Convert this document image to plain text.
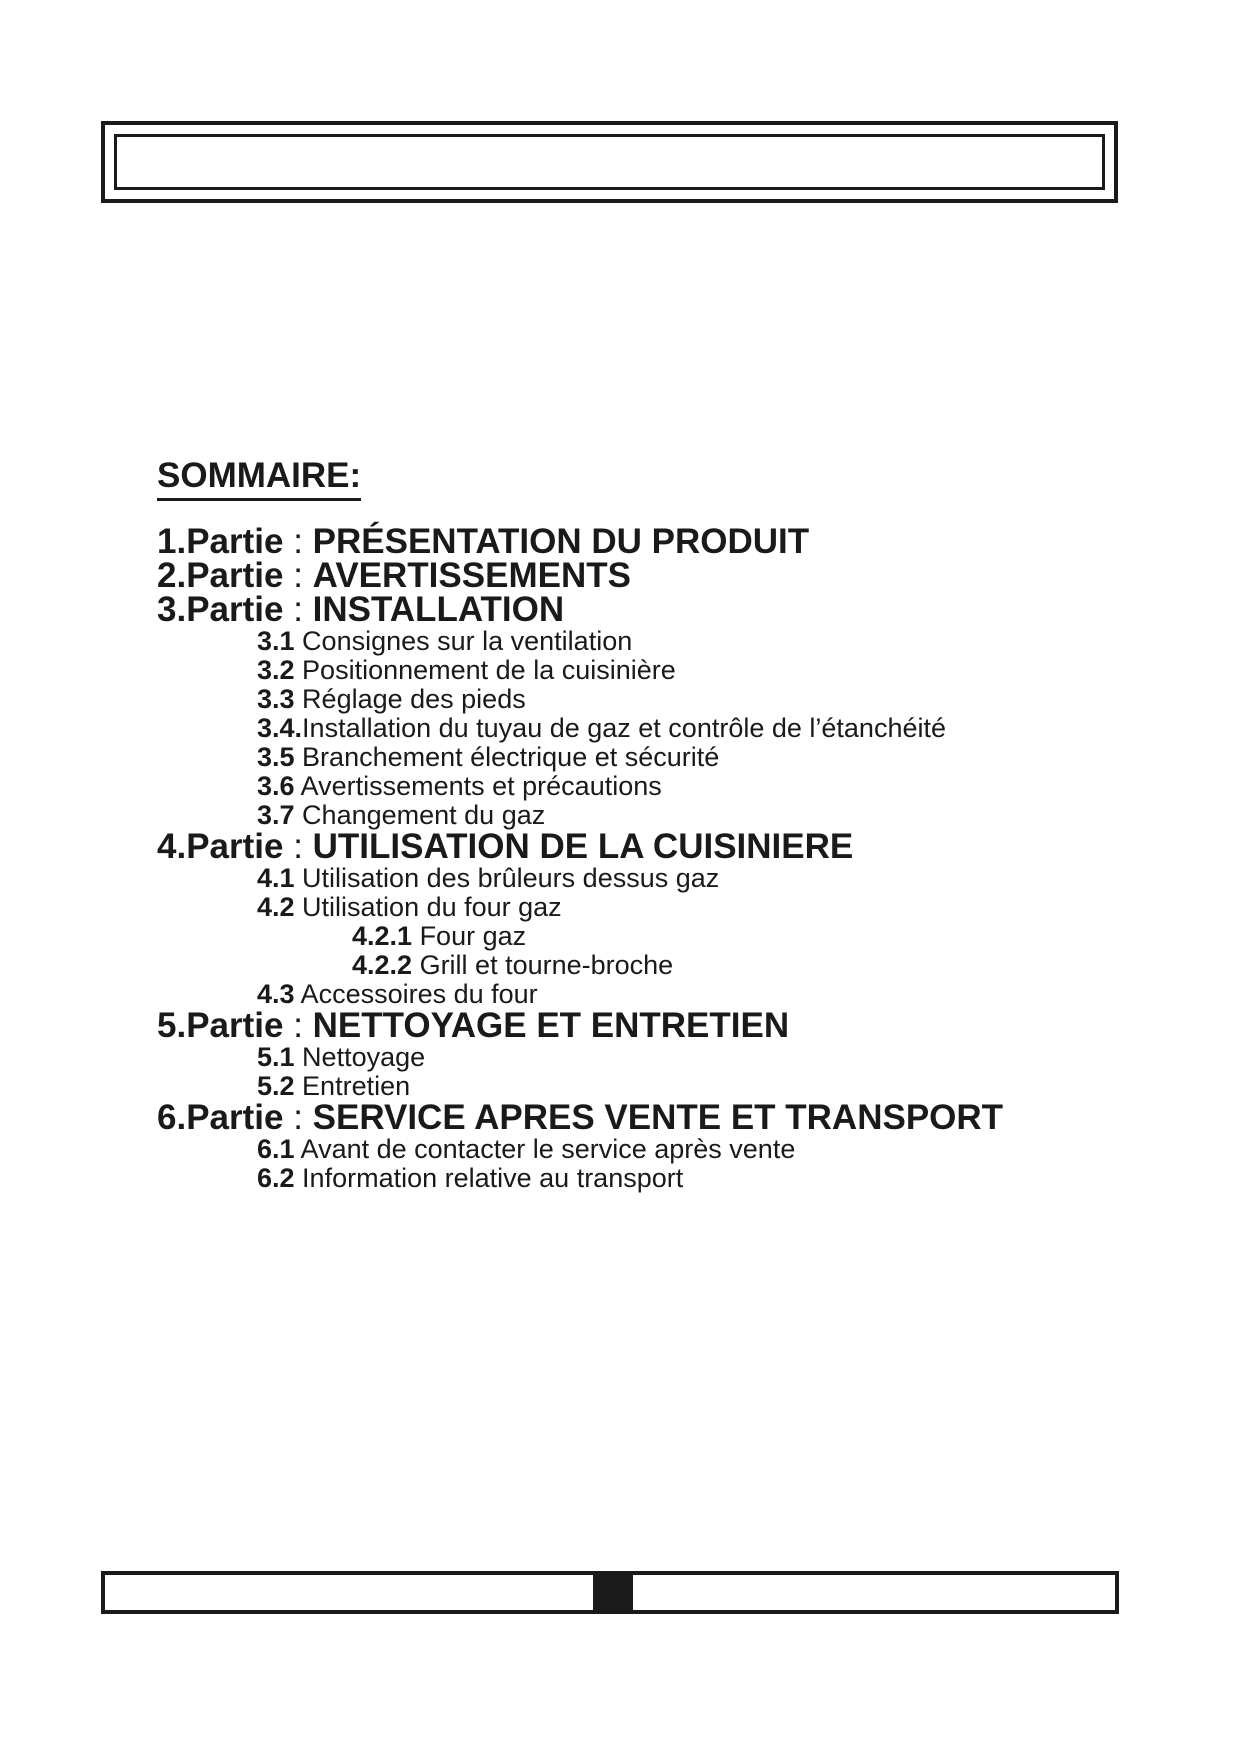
SOMMAIRE:
1.Partie : PRÉSENTATION DU PRODUIT
2.Partie : AVERTISSEMENTS
3.Partie : INSTALLATION
3.1 Consignes sur la ventilation
3.2 Positionnement de la cuisinière
3.3 Réglage des pieds
3.4.Installation du tuyau de gaz et contrôle de l’étanchéité
3.5 Branchement électrique et sécurité
3.6 Avertissements et précautions
3.7 Changement du gaz
4.Partie : UTILISATION DE LA CUISINIERE
4.1 Utilisation des brûleurs dessus gaz
4.2 Utilisation du four gaz
4.2.1 Four gaz
4.2.2 Grill et tourne-broche
4.3 Accessoires du four
5.Partie : NETTOYAGE ET ENTRETIEN
5.1 Nettoyage
5.2 Entretien
6.Partie : SERVICE APRES VENTE ET TRANSPORT
6.1 Avant de contacter le service après vente
6.2 Information relative au transport
